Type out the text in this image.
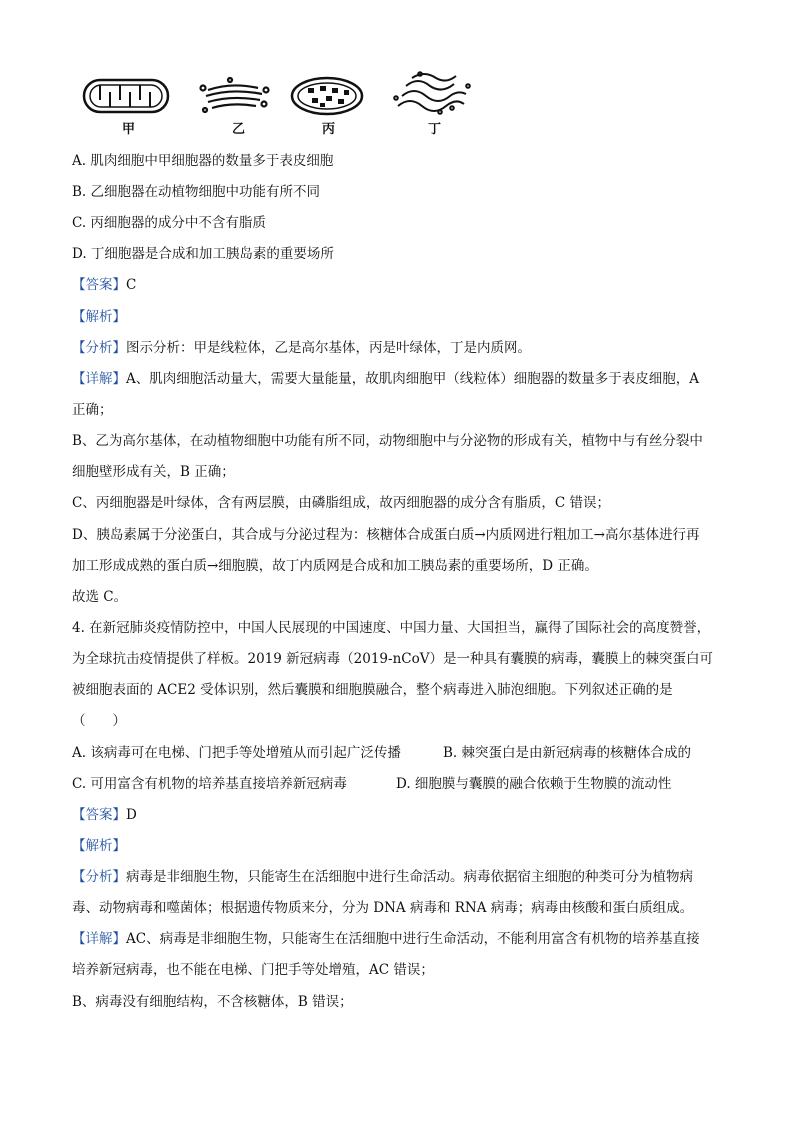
甲	乙	丙	丁
A. 肌肉细胞中甲细胞器的数量多于表皮细胞
B. 乙细胞器在动植物细胞中功能有所不同
C. 丙细胞器的成分中不含有脂质
D. 丁细胞器是合成和加工胰岛素的重要场所
【答案】C
【解析】
【分析】图示分析：甲是线粒体，乙是高尔基体，丙是叶绿体，丁是内质网。
【详解】A、肌肉细胞活动量大，需要大量能量，故肌肉细胞甲（线粒体）细胞器的数量多于表皮细胞，A
正确；
B、乙为高尔基体，在动植物细胞中功能有所不同，动物细胞中与分泌物的形成有关，植物中与有丝分裂中
细胞壁形成有关，B 正确；
C、丙细胞器是叶绿体，含有两层膜，由磷脂组成，故丙细胞器的成分含有脂质，C 错误；
D、胰岛素属于分泌蛋白，其合成与分泌过程为：核糖体合成蛋白质→内质网进行粗加工→高尔基体进行再
加工形成成熟的蛋白质→细胞膜，故丁内质网是合成和加工胰岛素的重要场所，D 正确。
故选 C。
4. 在新冠肺炎疫情防控中，中国人民展现的中国速度、中国力量、大国担当，赢得了国际社会的高度赞誉，
为全球抗击疫情提供了样板。2019 新冠病毒（2019-nCoV）是一种具有囊膜的病毒，囊膜上的棘突蛋白可
被细胞表面的 ACE2 受体识别，然后囊膜和细胞膜融合，整个病毒进入肺泡细胞。下列叙述正确的是
（　　）
A. 该病毒可在电梯、门把手等处增殖从而引起广泛传播	B. 棘突蛋白是由新冠病毒的核糖体合成的
C. 可用富含有机物的培养基直接培养新冠病毒	D. 细胞膜与囊膜的融合依赖于生物膜的流动性
【答案】D
【解析】
【分析】病毒是非细胞生物，只能寄生在活细胞中进行生命活动。病毒依据宿主细胞的种类可分为植物病
毒、动物病毒和噬菌体；根据遗传物质来分，分为 DNA 病毒和 RNA 病毒；病毒由核酸和蛋白质组成。
【详解】AC、病毒是非细胞生物，只能寄生在活细胞中进行生命活动，不能利用富含有机物的培养基直接
培养新冠病毒，也不能在电梯、门把手等处增殖，AC 错误；
B、病毒没有细胞结构，不含核糖体，B 错误；
